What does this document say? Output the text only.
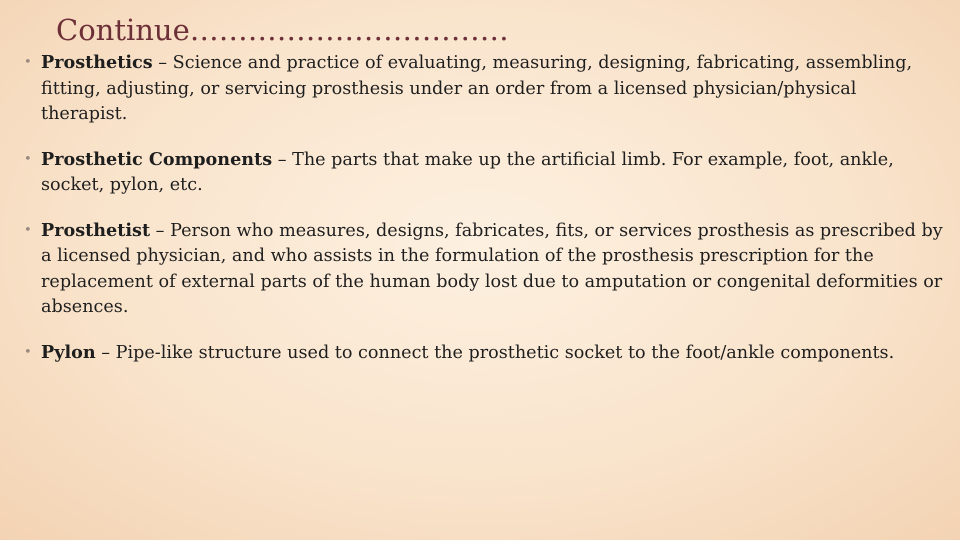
Continue……………………………
• Prosthetics – Science and practice of evaluating, measuring, designing, fabricating, assembling, fitting, adjusting, or servicing prosthesis under an order from a licensed physician/physical therapist.
• Prosthetic Components – The parts that make up the artificial limb. For example, foot, ankle, socket, pylon, etc.
• Prosthetist – Person who measures, designs, fabricates, fits, or services prosthesis as prescribed by a licensed physician, and who assists in the formulation of the prosthesis prescription for the replacement of external parts of the human body lost due to amputation or congenital deformities or absences.
• Pylon – Pipe-like structure used to connect the prosthetic socket to the foot/ankle components.
